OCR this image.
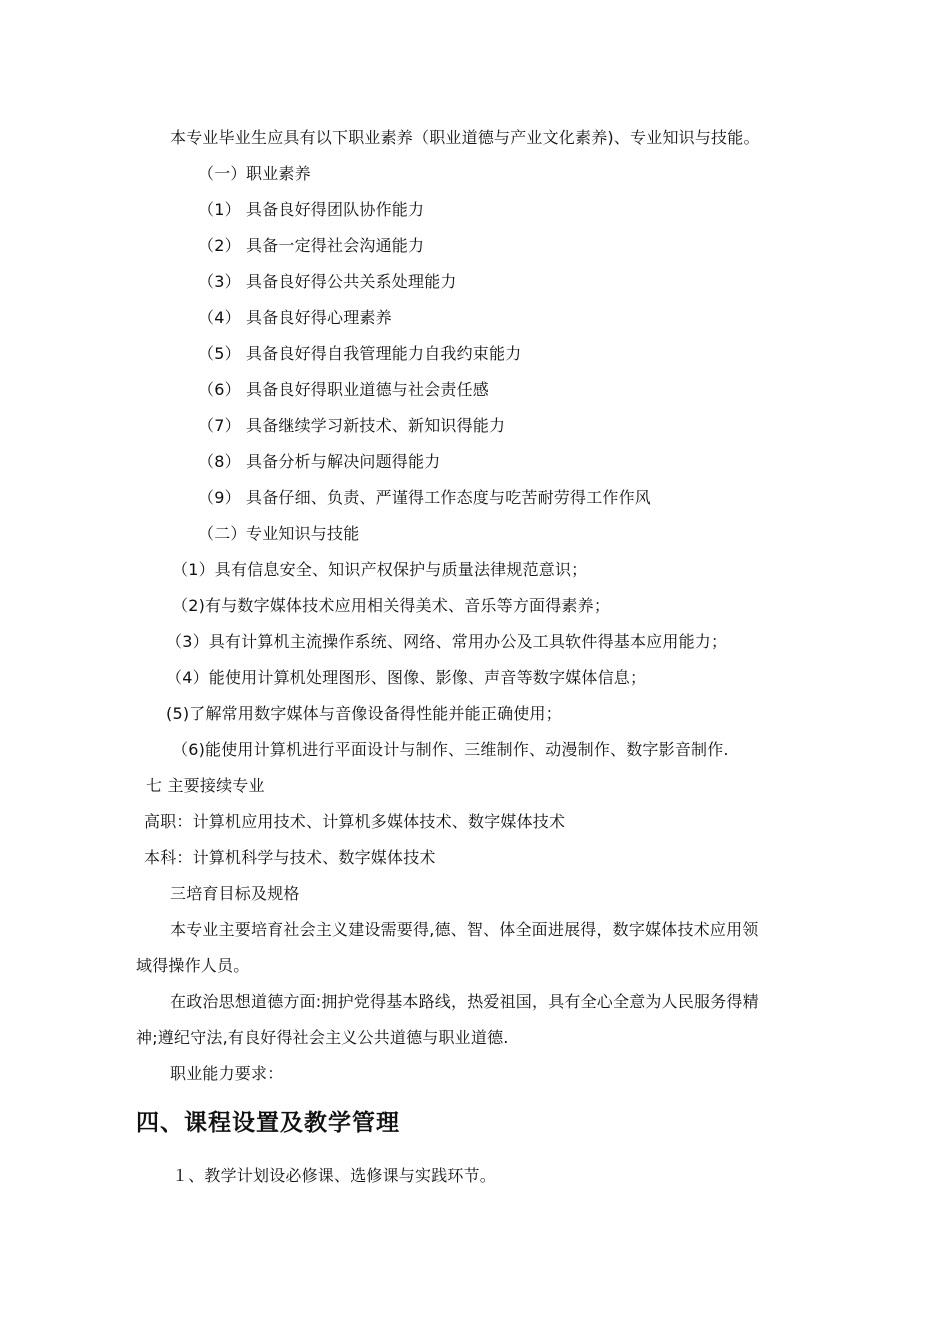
本专业毕业生应具有以下职业素养（职业道德与产业文化素养)、专业知识与技能。
（一）职业素养
（1） 具备良好得团队协作能力
（2） 具备一定得社会沟通能力
（3） 具备良好得公共关系处理能力
（4） 具备良好得心理素养
（5） 具备良好得自我管理能力自我约束能力
（6） 具备良好得职业道德与社会责任感
（7） 具备继续学习新技术、新知识得能力
（8） 具备分析与解决问题得能力
（9） 具备仔细、负责、严谨得工作态度与吃苦耐劳得工作作风
（二）专业知识与技能
（1）具有信息安全、知识产权保护与质量法律规范意识；
（2)有与数字媒体技术应用相关得美术、音乐等方面得素养；
（3）具有计算机主流操作系统、网络、常用办公及工具软件得基本应用能力；
（4）能使用计算机处理图形、图像、影像、声音等数字媒体信息；
(5)了解常用数字媒体与音像设备得性能并能正确使用；
（6)能使用计算机进行平面设计与制作、三维制作、动漫制作、数字影音制作.
七 主要接续专业
高职：计算机应用技术、计算机多媒体技术、数字媒体技术
本科：计算机科学与技术、数字媒体技术
三培育目标及规格
本专业主要培育社会主义建设需要得,德、智、体全面进展得，数字媒体技术应用领
域得操作人员。
在政治思想道德方面:拥护党得基本路线，热爱祖国，具有全心全意为人民服务得精
神;遵纪守法,有良好得社会主义公共道德与职业道德.
职业能力要求：
四、课程设置及教学管理
１、教学计划设必修课、选修课与实践环节。
